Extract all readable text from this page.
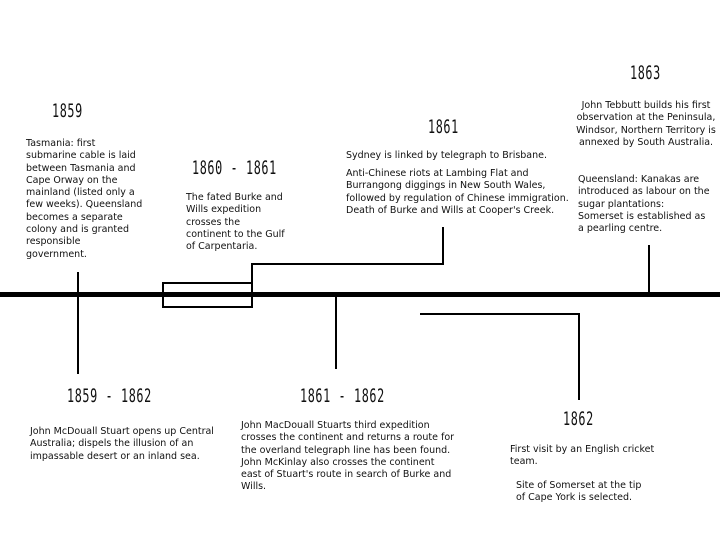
1859
Tasmania: first submarine cable is laid between Tasmania and Cape Orway on the mainland (listed only a few weeks). Queensland becomes a separate colony and is granted responsible government.
1860 - 1861
The fated Burke and Wills expedition crosses the continent to the Gulf of Carpentaria.
1861
Sydney is linked by telegraph to Brisbane.
Anti-Chinese riots at Lambing Flat and Burrangong diggings in New South Wales, followed by regulation of Chinese immigration. Death of Burke and Wills at Cooper's Creek.
1863
John Tebbutt builds his first observation at the Peninsula, Windsor, Northern Territory is annexed by South Australia.
Queensland: Kanakas are introduced as labour on the sugar plantations: Somerset is established as a pearling centre.
1859 - 1862
John McDouall Stuart opens up Central Australia; dispels the illusion of an impassable desert or an inland sea.
1861 - 1862
John MacDouall Stuarts third expedition crosses the continent and returns a route for the overland telegraph line has been found. John McKinlay also crosses the continent east of Stuart's route in search of Burke and Wills.
1862
First visit by an English cricket team.
Site of Somerset at the tip of Cape York is selected.
